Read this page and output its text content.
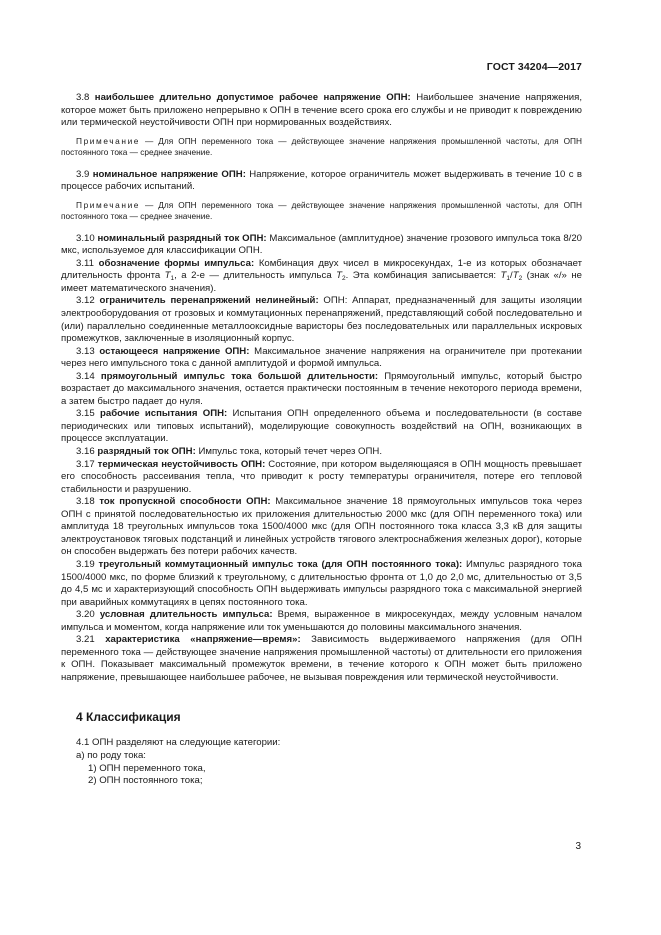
ГОСТ 34204—2017

3.8 наибольшее длительно допустимое рабочее напряжение ОПН: Наибольшее значение напряжения, которое может быть приложено непрерывно к ОПН в течение всего срока его службы и не приводит к повреждению или термической неустойчивости ОПН при нормированных воздействиях.

Примечание — Для ОПН переменного тока — действующее значение напряжения промышленной частоты, для ОПН постоянного тока — среднее значение.

3.9 номинальное напряжение ОПН: Напряжение, которое ограничитель может выдерживать в течение 10 с в процессе рабочих испытаний.

Примечание — Для ОПН переменного тока — действующее значение напряжения промышленной частоты, для ОПН постоянного тока — среднее значение.

3.10 номинальный разрядный ток ОПН: Максимальное (амплитудное) значение грозового импульса тока 8/20 мкс, используемое для классификации ОПН.

3.11 обозначение формы импульса: Комбинация двух чисел в микросекундах, 1-е из которых обозначает длительность фронта $T_1$, а 2-е — длительность импульса $T_2$. Эта комбинация записывается: $T_1/T_2$ (знак «/» не имеет математического значения).

3.12 ограничитель перенапряжений нелинейный: ОПН: Аппарат, предназначенный для защиты изоляции электрооборудования от грозовых и коммутационных перенапряжений, представляющий собой последовательно и (или) параллельно соединенные металлооксидные варисторы без последовательных или параллельных искровых промежутков, заключенные в изоляционный корпус.

3.13 остающееся напряжение ОПН: Максимальное значение напряжения на ограничителе при протекании через него импульсного тока с данной амплитудой и формой импульса.

3.14 прямоугольный импульс тока большой длительности: Прямоугольный импульс, который быстро возрастает до максимального значения, остается практически постоянным в течение некоторого периода времени, а затем быстро падает до нуля.

3.15 рабочие испытания ОПН: Испытания ОПН определенного объема и последовательности (в составе периодических или типовых испытаний), моделирующие совокупность воздействий на ОПН, возникающих в процессе эксплуатации.

3.16 разрядный ток ОПН: Импульс тока, который течет через ОПН.

3.17 термическая неустойчивость ОПН: Состояние, при котором выделяющаяся в ОПН мощность превышает его способность рассеивания тепла, что приводит к росту температуры ограничителя, потере его тепловой стабильности и разрушению.

3.18 ток пропускной способности ОПН: Максимальное значение 18 прямоугольных импульсов тока через ОПН с принятой последовательностью их приложения длительностью 2000 мкс (для ОПН переменного тока) или амплитуда 18 треугольных импульсов тока 1500/4000 мкс (для ОПН постоянного тока класса 3,3 кВ для защиты электроустановок тяговых подстанций и линейных устройств тягового электроснабжения железных дорог), которые он способен выдержать без потери рабочих качеств.

3.19 треугольный коммутационный импульс тока (для ОПН постоянного тока): Импульс разрядного тока 1500/4000 мкс, по форме близкий к треугольному, с длительностью фронта от 1,0 до 2,0 мс, длительностью от 3,5 до 4,5 мс и характеризующий способность ОПН выдерживать импульсы разрядного тока с максимальной энергией при аварийных коммутациях в цепях постоянного тока.

3.20 условная длительность импульса: Время, выраженное в микросекундах, между условным началом импульса и моментом, когда напряжение или ток уменьшаются до половины максимального значения.

3.21 характеристика «напряжение—время»: Зависимость выдерживаемого напряжения (для ОПН переменного тока — действующее значение напряжения промышленной частоты) от длительности его приложения к ОПН. Показывает максимальный промежуток времени, в течение которого к ОПН может быть приложено напряжение, превышающее наибольшее рабочее, не вызывая повреждения или термической неустойчивости.

4 Классификация
4.1 ОПН разделяют на следующие категории:
а) по роду тока:
1) ОПН переменного тока,
2) ОПН постоянного тока;
3
